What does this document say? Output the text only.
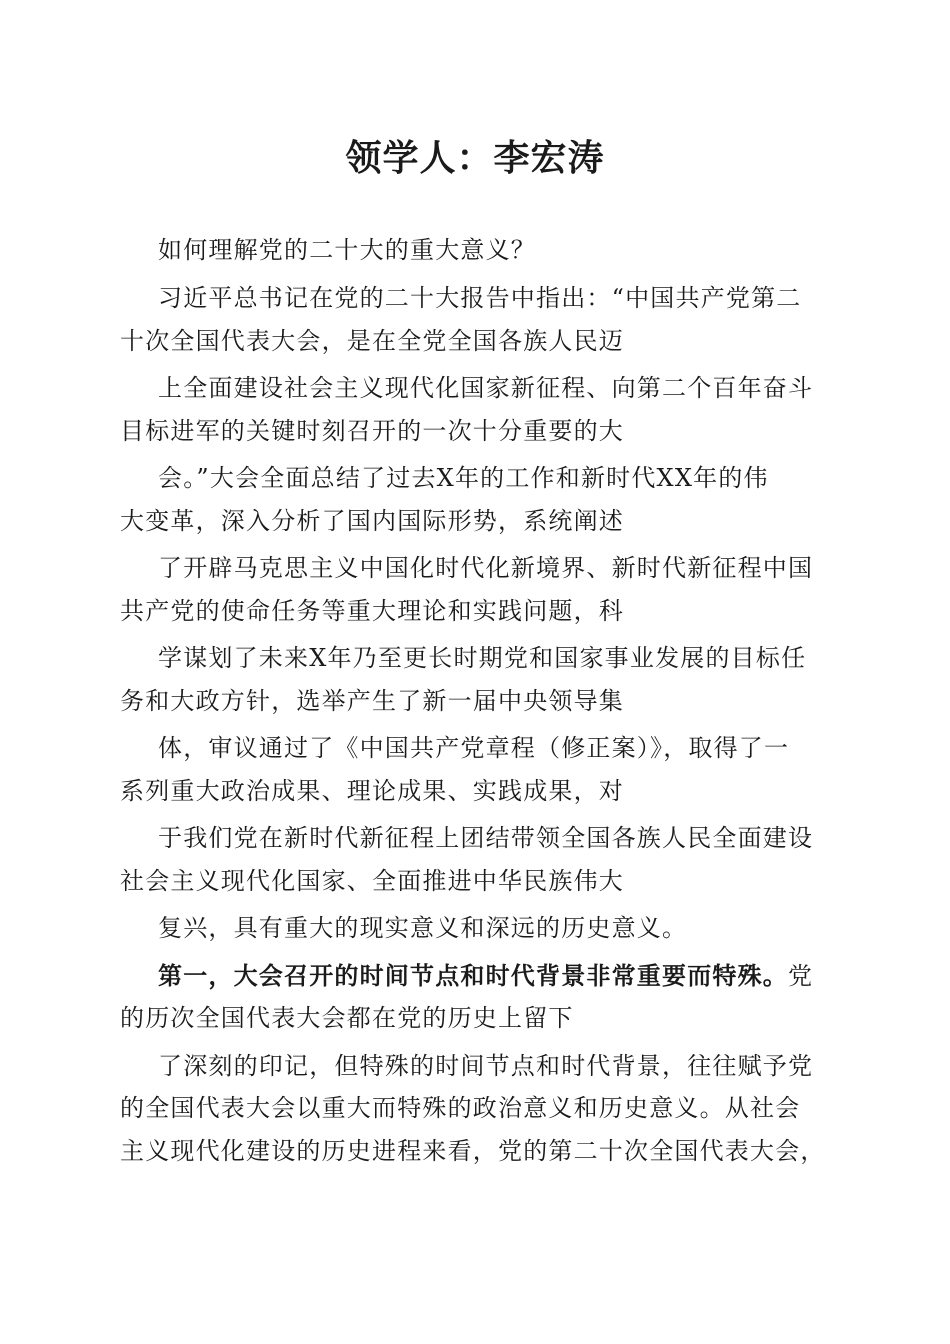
领学人：李宏涛
如何理解党的二十大的重大意义？
习近平总书记在党的二十大报告中指出：“中国共产党第二
十次全国代表大会，是在全党全国各族人民迈
上全面建设社会主义现代化国家新征程、向第二个百年奋斗
目标进军的关键时刻召开的一次十分重要的大
会。”大会全面总结了过去X年的工作和新时代XX年的伟
大变革，深入分析了国内国际形势，系统阐述
了开辟马克思主义中国化时代化新境界、新时代新征程中国
共产党的使命任务等重大理论和实践问题，科
学谋划了未来X年乃至更长时期党和国家事业发展的目标任
务和大政方针，选举产生了新一届中央领导集
体，审议通过了《中国共产党章程（修正案）》，取得了一
系列重大政治成果、理论成果、实践成果，对
于我们党在新时代新征程上团结带领全国各族人民全面建设
社会主义现代化国家、全面推进中华民族伟大
复兴，具有重大的现实意义和深远的历史意义。
第一，大会召开的时间节点和时代背景非常重要而特殊。党
的历次全国代表大会都在党的历史上留下
了深刻的印记，但特殊的时间节点和时代背景，往往赋予党
的全国代表大会以重大而特殊的政治意义和历史意义。从社会
主义现代化建设的历史进程来看，党的第二十次全国代表大会，
